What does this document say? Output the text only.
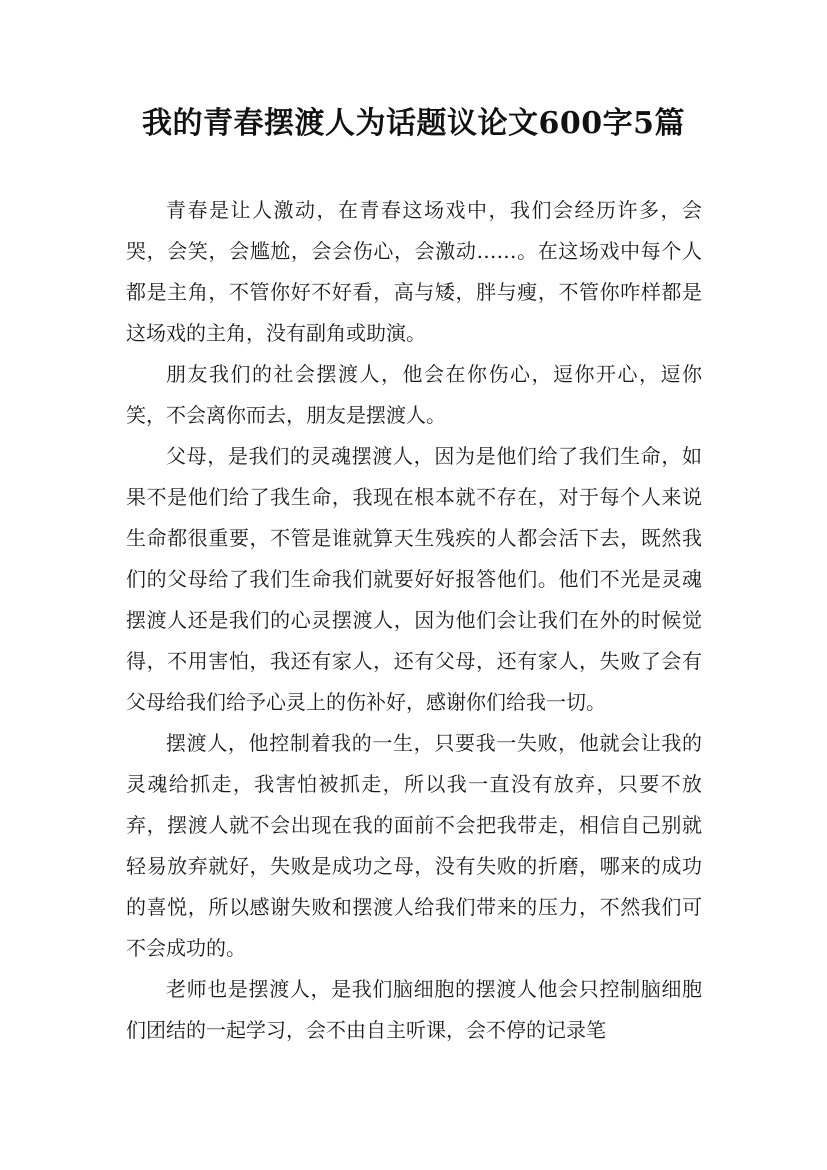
我的青春摆渡人为话题议论文600字5篇

青春是让人激动，在青春这场戏中，我们会经历许多，会哭，会笑，会尴尬，会会伤心，会激动……。在这场戏中每个人都是主角，不管你好不好看，高与矮，胖与瘦，不管你咋样都是这场戏的主角，没有副角或助演。

朋友我们的社会摆渡人，他会在你伤心，逗你开心，逗你笑，不会离你而去，朋友是摆渡人。

父母，是我们的灵魂摆渡人，因为是他们给了我们生命，如果不是他们给了我生命，我现在根本就不存在，对于每个人来说生命都很重要，不管是谁就算天生残疾的人都会活下去，既然我们的父母给了我们生命我们就要好好报答他们。他们不光是灵魂摆渡人还是我们的心灵摆渡人，因为他们会让我们在外的时候觉得，不用害怕，我还有家人，还有父母，还有家人，失败了会有父母给我们给予心灵上的伤补好，感谢你们给我一切。

摆渡人，他控制着我的一生，只要我一失败，他就会让我的灵魂给抓走，我害怕被抓走，所以我一直没有放弃，只要不放弃，摆渡人就不会出现在我的面前不会把我带走，相信自己别就轻易放弃就好，失败是成功之母，没有失败的折磨，哪来的成功的喜悦，所以感谢失败和摆渡人给我们带来的压力，不然我们可不会成功的。

老师也是摆渡人，是我们脑细胞的摆渡人他会只控制脑细胞们团结的一起学习，会不由自主听课，会不停的记录笔
